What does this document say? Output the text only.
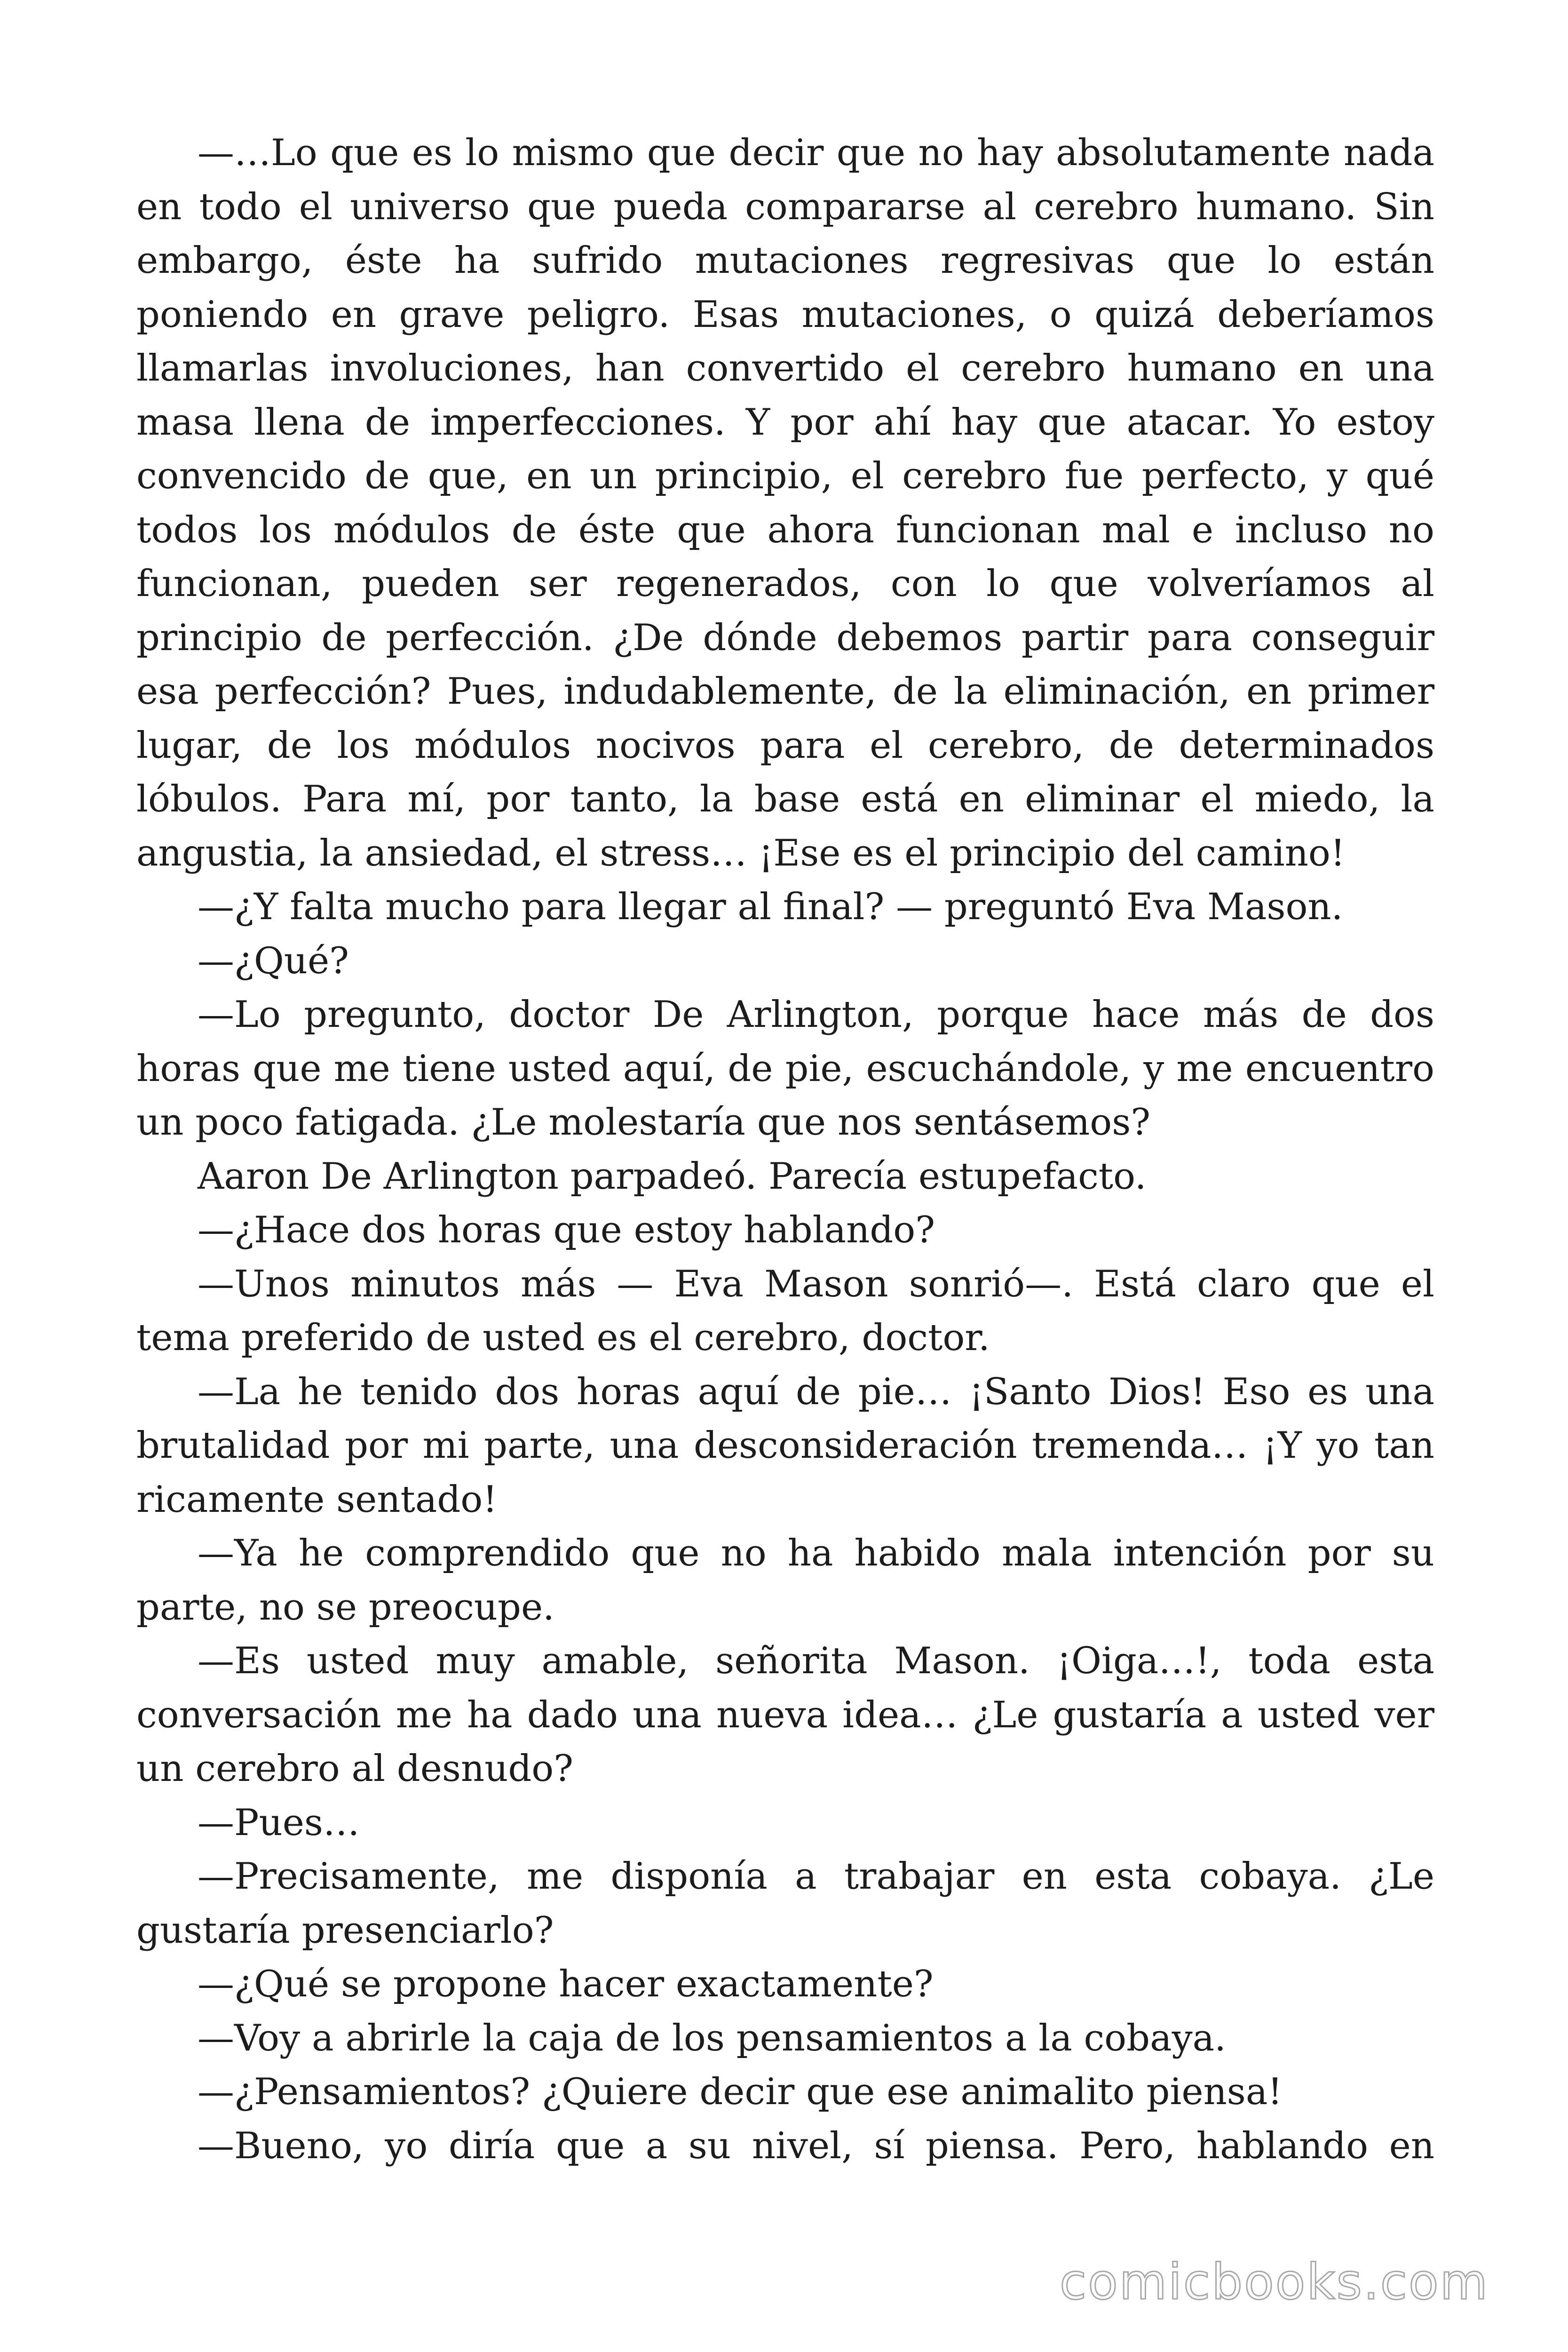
—…Lo que es lo mismo que decir que no hay absolutamente nada en todo el universo que pueda compararse al cerebro humano. Sin embargo, éste ha sufrido mutaciones regresivas que lo están poniendo en grave peligro. Esas mutaciones, o quizá deberíamos llamarlas involuciones, han convertido el cerebro humano en una masa llena de imperfecciones. Y por ahí hay que atacar. Yo estoy convencido de que, en un principio, el cerebro fue perfecto, y qué todos los módulos de éste que ahora funcionan mal e incluso no funcionan, pueden ser regenerados, con lo que volveríamos al principio de perfección. ¿De dónde debemos partir para conseguir esa perfección? Pues, indudablemente, de la eliminación, en primer lugar, de los módulos nocivos para el cerebro, de determinados lóbulos. Para mí, por tanto, la base está en eliminar el miedo, la angustia, la ansiedad, el stress… ¡Ese es el principio del camino!

—¿Y falta mucho para llegar al final? — preguntó Eva Mason.

—¿Qué?

—Lo pregunto, doctor De Arlington, porque hace más de dos horas que me tiene usted aquí, de pie, escuchándole, y me encuentro un poco fatigada. ¿Le molestaría que nos sentásemos?

Aaron De Arlington parpadeó. Parecía estupefacto.

—¿Hace dos horas que estoy hablando?

—Unos minutos más — Eva Mason sonrió—. Está claro que el tema preferido de usted es el cerebro, doctor.

—La he tenido dos horas aquí de pie… ¡Santo Dios! Eso es una brutalidad por mi parte, una desconsideración tremenda… ¡Y yo tan ricamente sentado!

—Ya he comprendido que no ha habido mala intención por su parte, no se preocupe.

—Es usted muy amable, señorita Mason. ¡Oiga…!, toda esta conversación me ha dado una nueva idea… ¿Le gustaría a usted ver un cerebro al desnudo?

—Pues…

—Precisamente, me disponía a trabajar en esta cobaya. ¿Le gustaría presenciarlo?

—¿Qué se propone hacer exactamente?

—Voy a abrirle la caja de los pensamientos a la cobaya.

—¿Pensamientos? ¿Quiere decir que ese animalito piensa!

—Bueno, yo diría que a su nivel, sí piensa. Pero, hablando en

comicbooks.com
